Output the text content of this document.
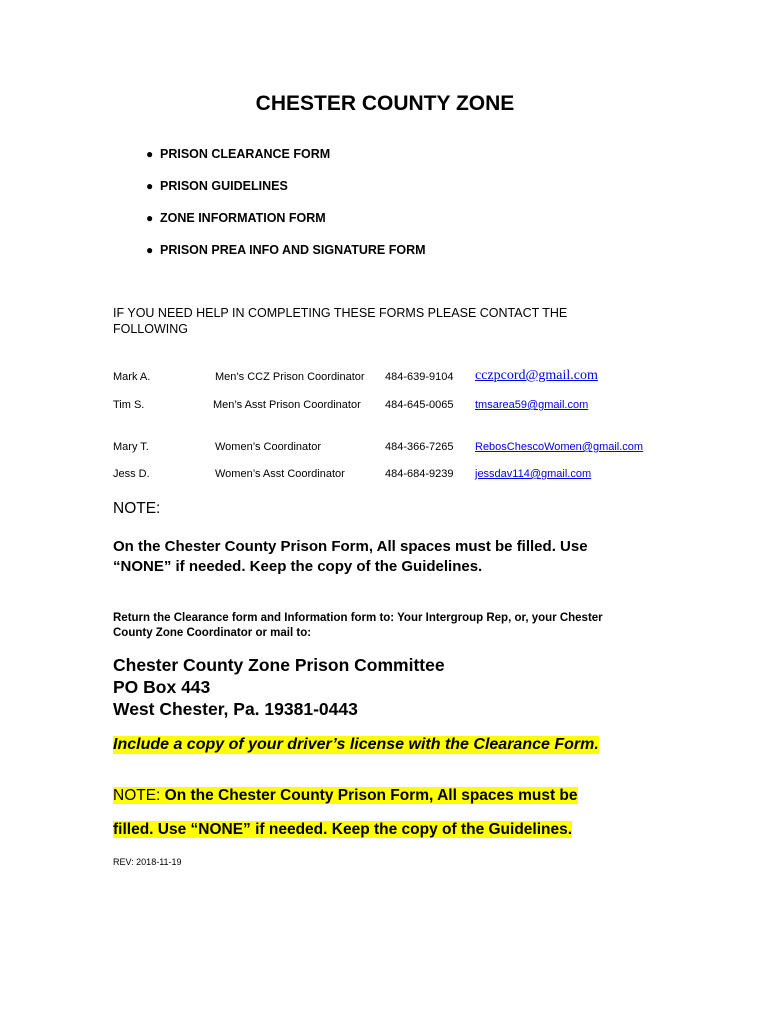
CHESTER COUNTY ZONE
● PRISON CLEARANCE FORM
● PRISON GUIDELINES
● ZONE INFORMATION FORM
● PRISON PREA INFO AND SIGNATURE FORM
IF YOU NEED HELP IN COMPLETING THESE FORMS PLEASE CONTACT THE FOLLOWING
Mark A.	Men’s CCZ Prison Coordinator 484-639-9104 cczpcord@gmail.com
Tim S.	Men’s Asst Prison Coordinator 484-645-0065 tmsarea59@gmail.com
Mary T.	Women’s Coordinator	484-366-7265 RebosChescoWomen@gmail.com
Jess D.	Women’s Asst Coordinator	484-684-9239 jessdav114@gmail.com
NOTE:
On the Chester County Prison Form, All spaces must be filled. Use “NONE” if needed. Keep the copy of the Guidelines.
Return the Clearance form and Information form to: Your Intergroup Rep, or, your Chester County Zone Coordinator or mail to:
Chester County Zone Prison Committee
PO Box 443
West Chester, Pa. 19381-0443
Include a copy of your driver’s license with the Clearance Form.
NOTE: On the Chester County Prison Form, All spaces must be
filled. Use “NONE” if needed. Keep the copy of the Guidelines.
REV: 2018-11-19
